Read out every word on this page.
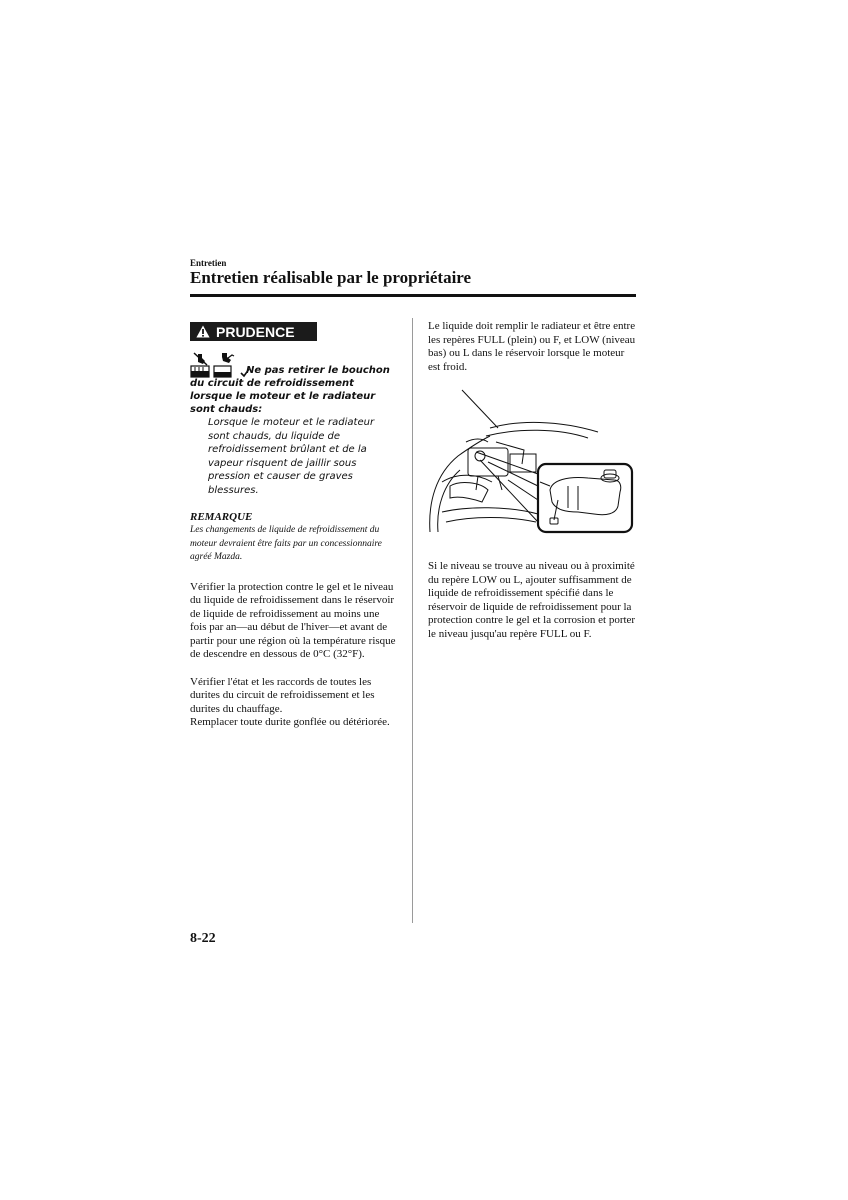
Entretien
Entretien réalisable par le propriétaire
PRUDENCE
Ne pas retirer le bouchon du circuit de refroidissement lorsque le moteur et le radiateur sont chauds:
Lorsque le moteur et le radiateur sont chauds, du liquide de refroidissement brûlant et de la vapeur risquent de jaillir sous pression et causer de graves blessures.
REMARQUE
Les changements de liquide de refroidissement du moteur devraient être faits par un concessionnaire agréé Mazda.

Vérifier la protection contre le gel et le niveau du liquide de refroidissement dans le réservoir de liquide de refroidissement au moins une fois par an—au début de l'hiver—et avant de partir pour une région où la température risque de descendre en dessous de 0°C (32°F).

Vérifier l'état et les raccords de toutes les durites du circuit de refroidissement et les durites du chauffage.
Remplacer toute durite gonflée ou détériorée.

Le liquide doit remplir le radiateur et être entre les repères FULL (plein) ou F, et LOW (niveau bas) ou L dans le réservoir lorsque le moteur est froid.

Si le niveau se trouve au niveau ou à proximité du repère LOW ou L, ajouter suffisamment de liquide de refroidissement spécifié dans le réservoir de liquide de refroidissement pour la protection contre le gel et la corrosion et porter le niveau jusqu'au repère FULL ou F.

8-22
